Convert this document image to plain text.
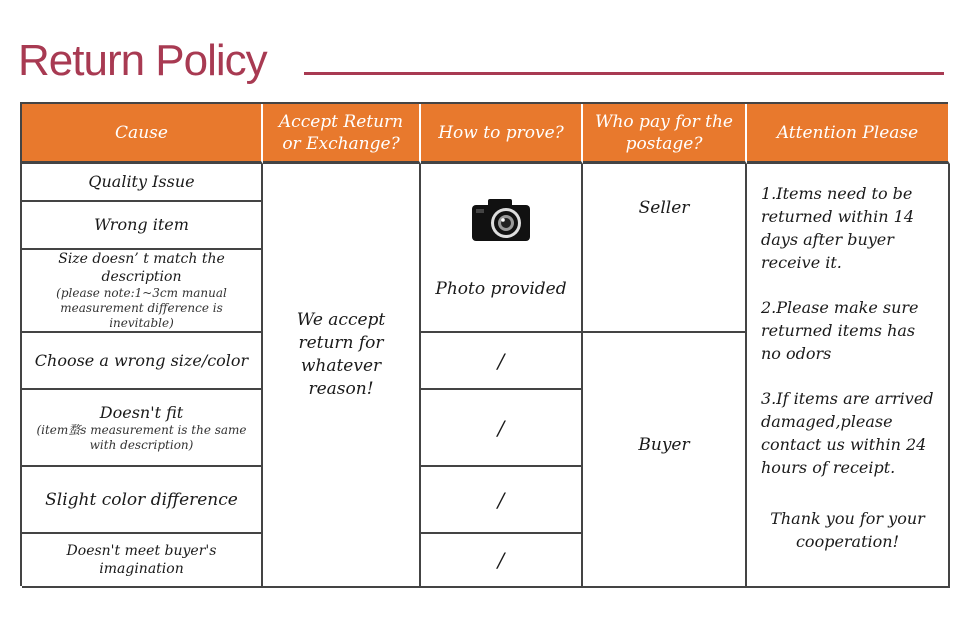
Return Policy
Cause
Accept Return or Exchange?
How to prove?
Who pay for the postage?
Attention Please
Quality Issue
Wrong item
Size doesn’ t match the description
(please note:1~3cm manual measurement difference is inevitable)
Choose a wrong size/color
Doesn't fit
(item蝥s measurement is the same with description)
Slight color difference
Doesn't meet buyer's imagination
We accept return for whatever reason!
Photo provided
/
/
/
/
Seller
Buyer

1.Items need to be returned within 14 days after buyer receive it.

2.Please make sure returned items has no odors

3.If items are arrived damaged,please contact us within 24 hours of receipt.

Thank you for your cooperation!
